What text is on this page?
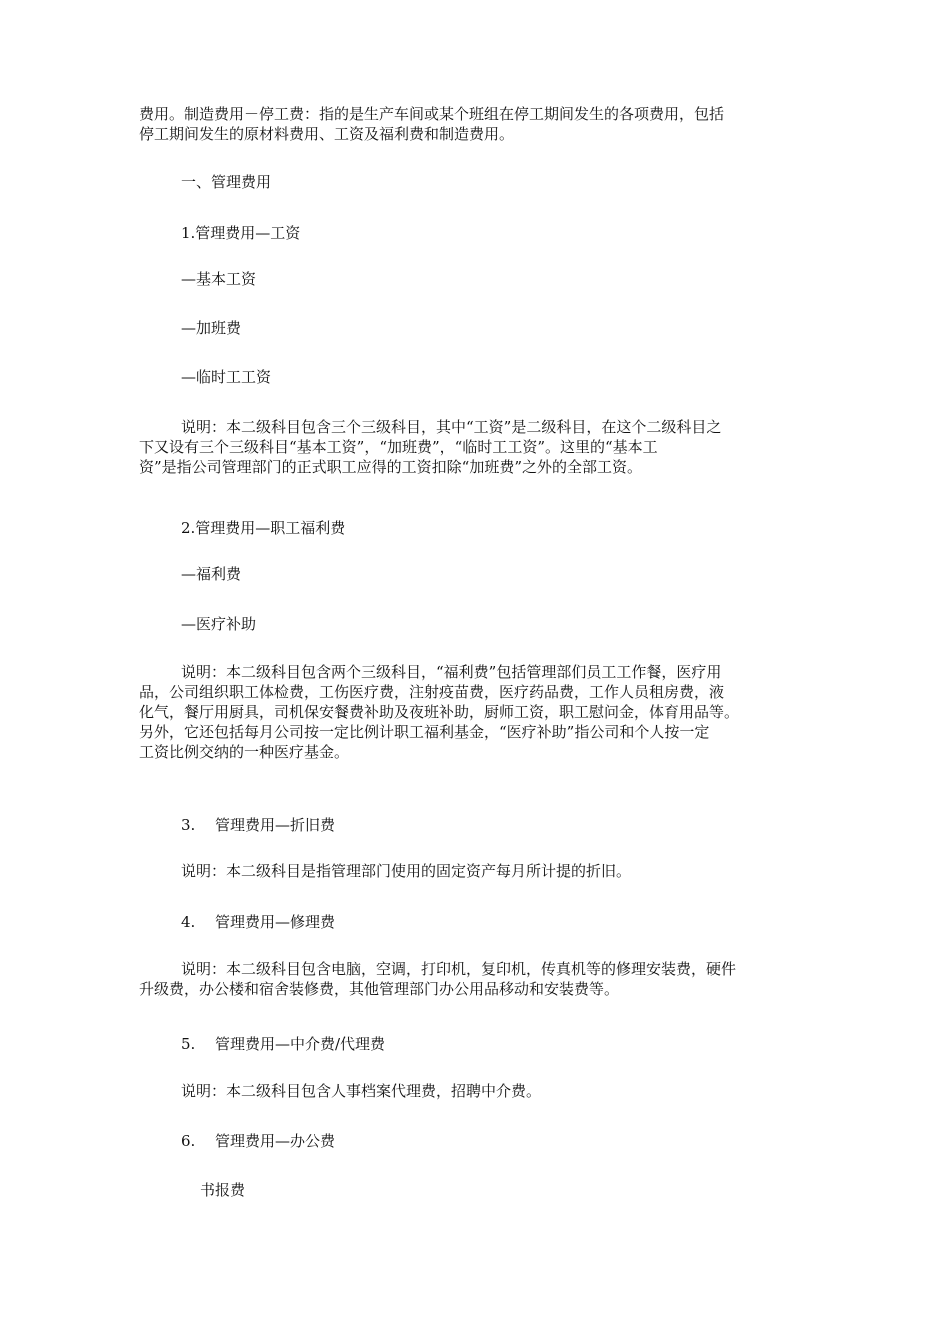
费用。制造费用－停工费：指的是生产车间或某个班组在停工期间发生的各项费用，包括
停工期间发生的原材料费用、工资及福利费和制造费用。

一、管理费用

1.管理费用—工资

—基本工资

—加班费

—临时工工资

说明：本二级科目包含三个三级科目，其中“工资”是二级科目，在这个二级科目之
下又设有三个三级科目“基本工资”，“加班费”，“临时工工资”。这里的“基本工
资”是指公司管理部门的正式职工应得的工资扣除“加班费”之外的全部工资。

2.管理费用—职工福利费

—福利费

—医疗补助

说明：本二级科目包含两个三级科目，“福利费”包括管理部们员工工作餐，医疗用
品，公司组织职工体检费，工伤医疗费，注射疫苗费，医疗药品费，工作人员租房费，液
化气，餐厅用厨具，司机保安餐费补助及夜班补助，厨师工资，职工慰问金，体育用品等。
另外，它还包括每月公司按一定比例计职工福利基金，“医疗补助”指公司和个人按一定
工资比例交纳的一种医疗基金。

3. 管理费用—折旧费

说明：本二级科目是指管理部门使用的固定资产每月所计提的折旧。

4. 管理费用—修理费

说明：本二级科目包含电脑，空调，打印机，复印机，传真机等的修理安装费，硬件
升级费，办公楼和宿舍装修费，其他管理部门办公用品移动和安装费等。

5. 管理费用—中介费/代理费

说明：本二级科目包含人事档案代理费，招聘中介费。

6. 管理费用—办公费

书报费
